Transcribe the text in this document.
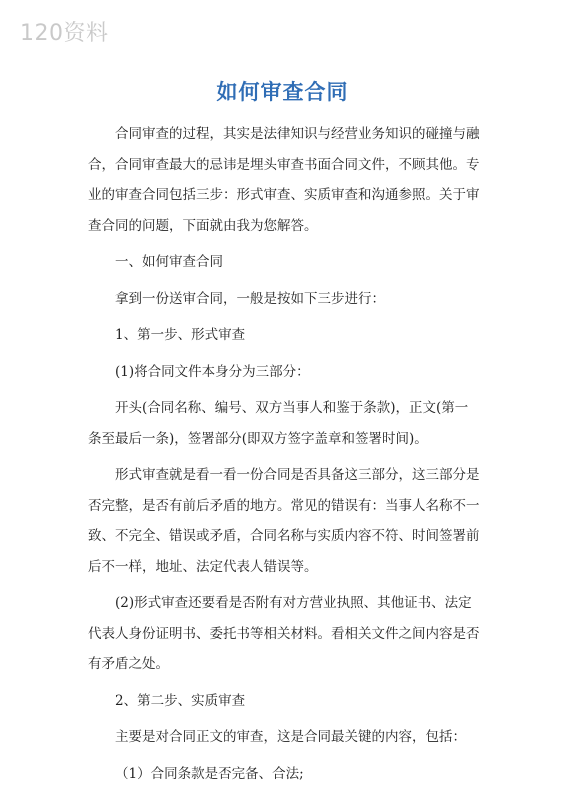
120资料
如何审查合同

合同审查的过程，其实是法律知识与经营业务知识的碰撞与融合，合同审查最大的忌讳是埋头审查书面合同文件，不顾其他。专业的审查合同包括三步：形式审查、实质审查和沟通参照。关于审查合同的问题，下面就由我为您解答。

一、如何审查合同

拿到一份送审合同，一般是按如下三步进行：

1、第一步、形式审查

(1)将合同文件本身分为三部分：

开头(合同名称、编号、双方当事人和鉴于条款)，正文(第一条至最后一条)，签署部分(即双方签字盖章和签署时间)。

形式审查就是看一看一份合同是否具备这三部分，这三部分是否完整，是否有前后矛盾的地方。常见的错误有：当事人名称不一致、不完全、错误或矛盾，合同名称与实质内容不符、时间签署前后不一样，地址、法定代表人错误等。

(2)形式审查还要看是否附有对方营业执照、其他证书、法定代表人身份证明书、委托书等相关材料。看相关文件之间内容是否有矛盾之处。

2、第二步、实质审查

主要是对合同正文的审查，这是合同最关键的内容，包括：

（1）合同条款是否完备、合法;
